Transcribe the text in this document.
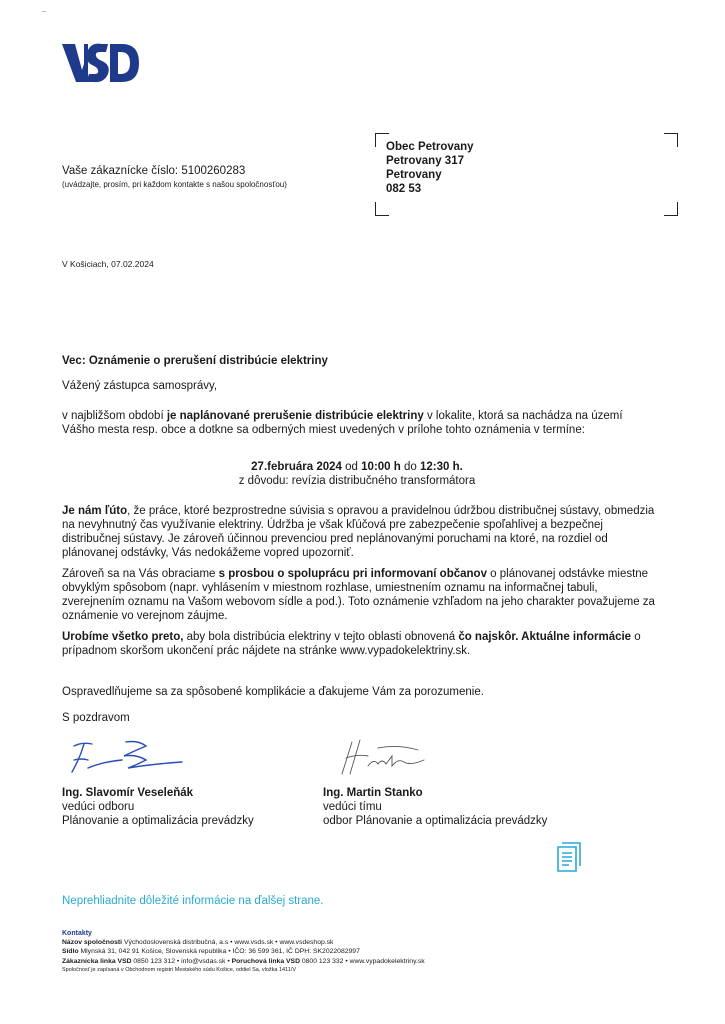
Vaše zákaznícke číslo: 5100260283
(uvádzajte, prosím, pri každom kontakte s našou spoločnosťou)
Obec Petrovany
Petrovany 317
Petrovany
082 53
V Košiciach, 07.02.2024
Vec: Oznámenie o prerušení distribúcie elektriny
Vážený zástupca samosprávy,
v najbližšom období je naplánované prerušenie distribúcie elektriny v lokalite, ktorá sa nachádza na území Vášho mesta resp. obce a dotkne sa odberných miest uvedených v prílohe tohto oznámenia v termíne:
27.februára 2024 od 10:00 h do 12:30 h.
z dôvodu: revízia distribučného transformátora
Je nám ľúto, že práce, ktoré bezprostredne súvisia s opravou a pravidelnou údržbou distribučnej sústavy, obmedzia na nevyhnutný čas využívanie elektriny. Údržba je však kľúčová pre zabezpečenie spoľahlivej a bezpečnej distribučnej sústavy. Je zároveň účinnou prevenciou pred neplánovanými poruchami na ktoré, na rozdiel od plánovanej odstávky, Vás nedokážeme vopred upozorniť.
Zároveň sa na Vás obraciame s prosbou o spoluprácu pri informovaní občanov o plánovanej odstávke miestne obvyklým spôsobom (napr. vyhlásením v miestnom rozhlase, umiestnením oznamu na informačnej tabuli, zverejnením oznamu na Vašom webovom sídle a pod.). Toto oznámenie vzhľadom na jeho charakter považujeme za oznámenie vo verejnom záujme.
Urobíme všetko preto, aby bola distribúcia elektriny v tejto oblasti obnovená čo najskôr. Aktuálne informácie o prípadnom skoršom ukončení prác nájdete na stránke www.vypadokelektriny.sk.
Ospravedlňujeme sa za spôsobené komplikácie a ďakujeme Vám za porozumenie.
S pozdravom
Ing. Slavomír Veseleňák
vedúci odboru
Plánovanie a optimalizácia prevádzky
Ing. Martin Stanko
vedúci tímu
odbor Plánovanie a optimalizácia prevádzky
Neprehliadnite dôležité informácie na ďalšej strane.
Kontakty
Názov spoločnosti Východoslovenská distribučná, a.s • www.vsds.sk • www.vsdeshop.sk
Sídlo Mlynská 31, 042 91 Košice, Slovenská republika • IČO: 36 599 361, IČ DPH: SK2022082997
Zákaznícka linka VSD 0850 123 312 • info@vsdas.sk • Poruchová linka VSD 0800 123 332 • www.vypadokelektriny.sk
Spoločnosť je zapísaná v Obchodnom registri Mestského súdu Košice, oddiel Sa, vložka 1411/V
